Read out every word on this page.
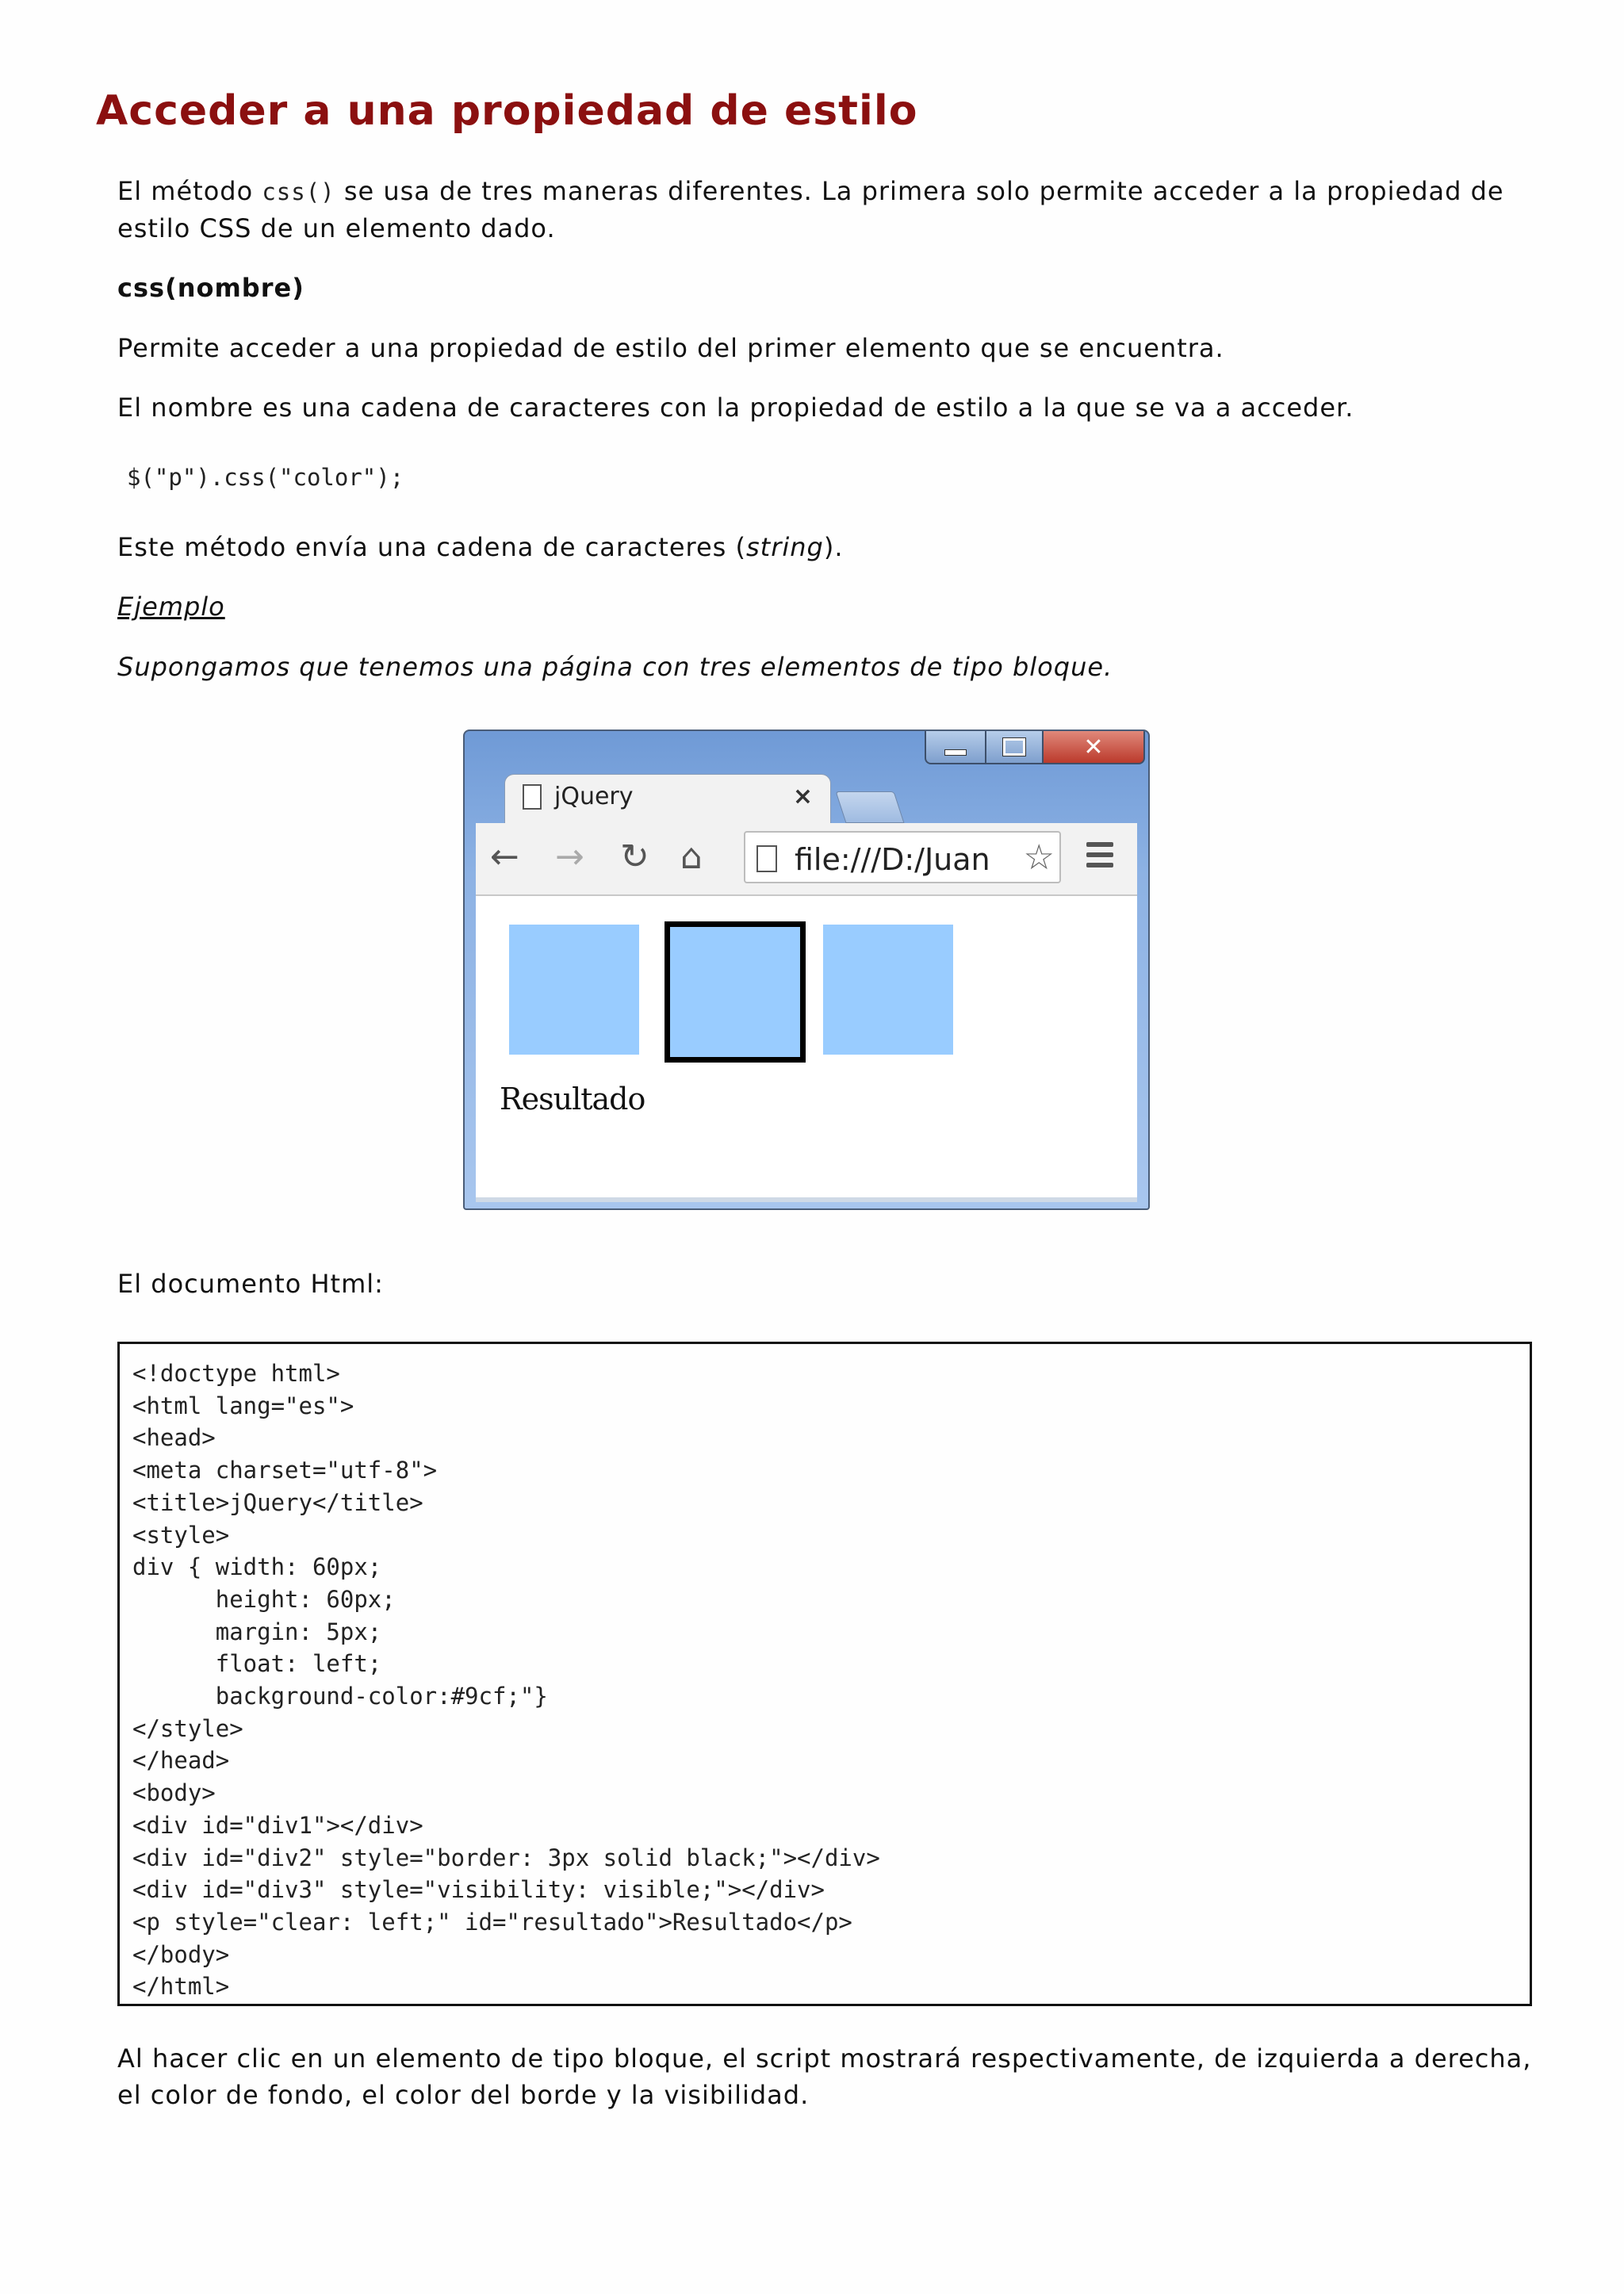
Acceder a una propiedad de estilo

El método css() se usa de tres maneras diferentes. La primera solo permite acceder a la propiedad de
estilo CSS de un elemento dado.

css(nombre)

Permite acceder a una propiedad de estilo del primer elemento que se encuentra.

El nombre es una cadena de caracteres con la propiedad de estilo a la que se va a acceder.

$("p").css("color");

Este método envía una cadena de caracteres (string).

Ejemplo

Supongamos que tenemos una página con tres elementos de tipo bloque.

✕
jQuery	×
← → ↻ ⌂	file:///D:/Juan ☆
Resultado

El documento Html:

<!doctype html>
<html lang="es">
<head>
<meta charset="utf-8">
<title>jQuery</title>
<style>
div { width: 60px;
height: 60px;
margin: 5px;
float: left;
background-color:#9cf;"}
</style>
</head>
<body>
<div id="div1"></div>
<div id="div2" style="border: 3px solid black;"></div>
<div id="div3" style="visibility: visible;"></div>
<p style="clear: left;" id="resultado">Resultado</p>
</body>
</html>

Al hacer clic en un elemento de tipo bloque, el script mostrará respectivamente, de izquierda a derecha,
el color de fondo, el color del borde y la visibilidad.
